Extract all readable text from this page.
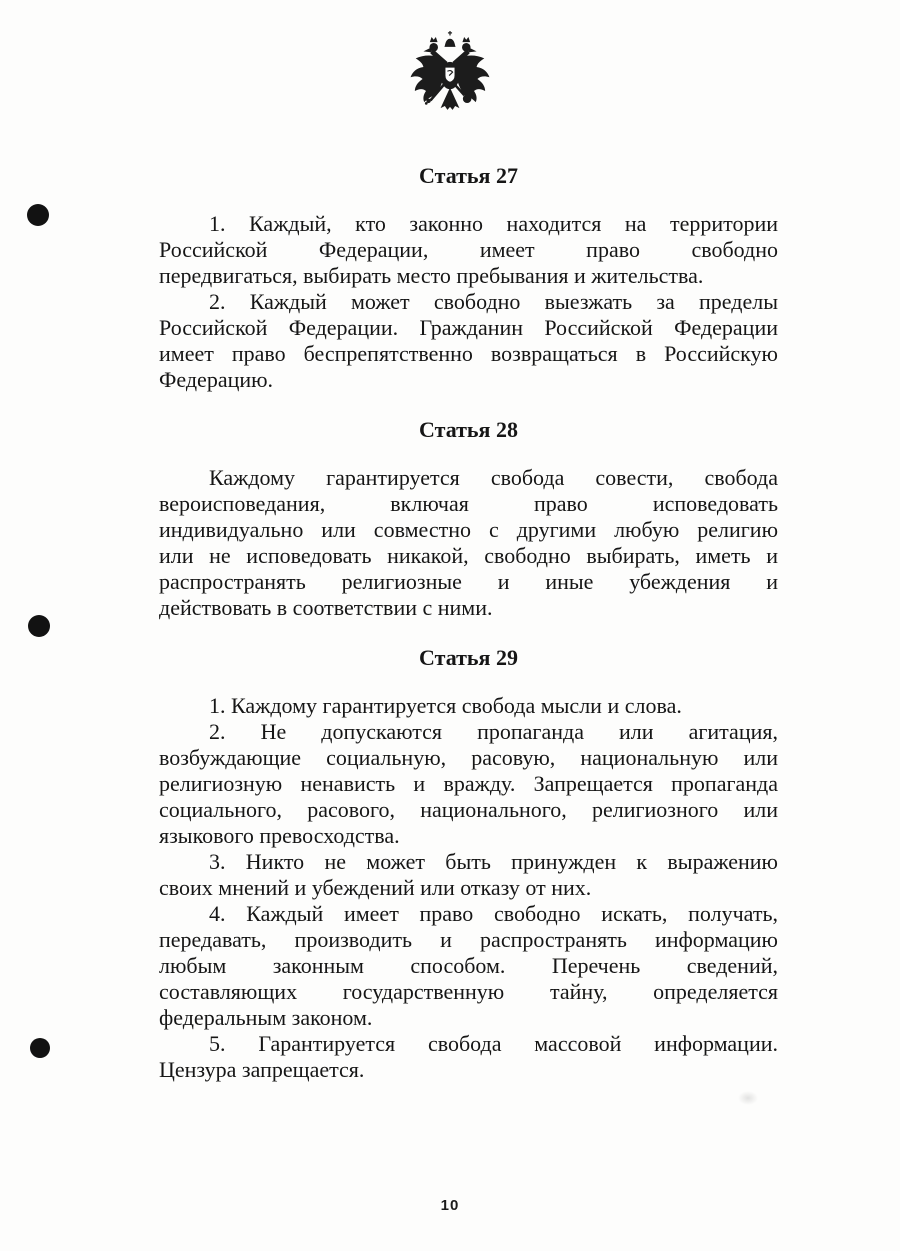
Статья 27
1. Каждый, кто законно находится на территории
Российской Федерации, имеет право свободно
передвигаться, выбирать место пребывания и жительства.
2. Каждый может свободно выезжать за пределы
Российской Федерации. Гражданин Российской Федерации
имеет право беспрепятственно возвращаться в Российскую
Федерацию.
Статья 28
Каждому гарантируется свобода совести, свобода
вероисповедания, включая право исповедовать
индивидуально или совместно с другими любую религию
или не исповедовать никакой, свободно выбирать, иметь и
распространять религиозные и иные убеждения и
действовать в соответствии с ними.
Статья 29
1. Каждому гарантируется свобода мысли и слова.
2. Не допускаются пропаганда или агитация,
возбуждающие социальную, расовую, национальную или
религиозную ненависть и вражду. Запрещается пропаганда
социального, расового, национального, религиозного или
языкового превосходства.
3. Никто не может быть принужден к выражению
своих мнений и убеждений или отказу от них.
4. Каждый имеет право свободно искать, получать,
передавать, производить и распространять информацию
любым законным способом. Перечень сведений,
составляющих государственную тайну, определяется
федеральным законом.
5. Гарантируется свобода массовой информации.
Цензура запрещается.
10
